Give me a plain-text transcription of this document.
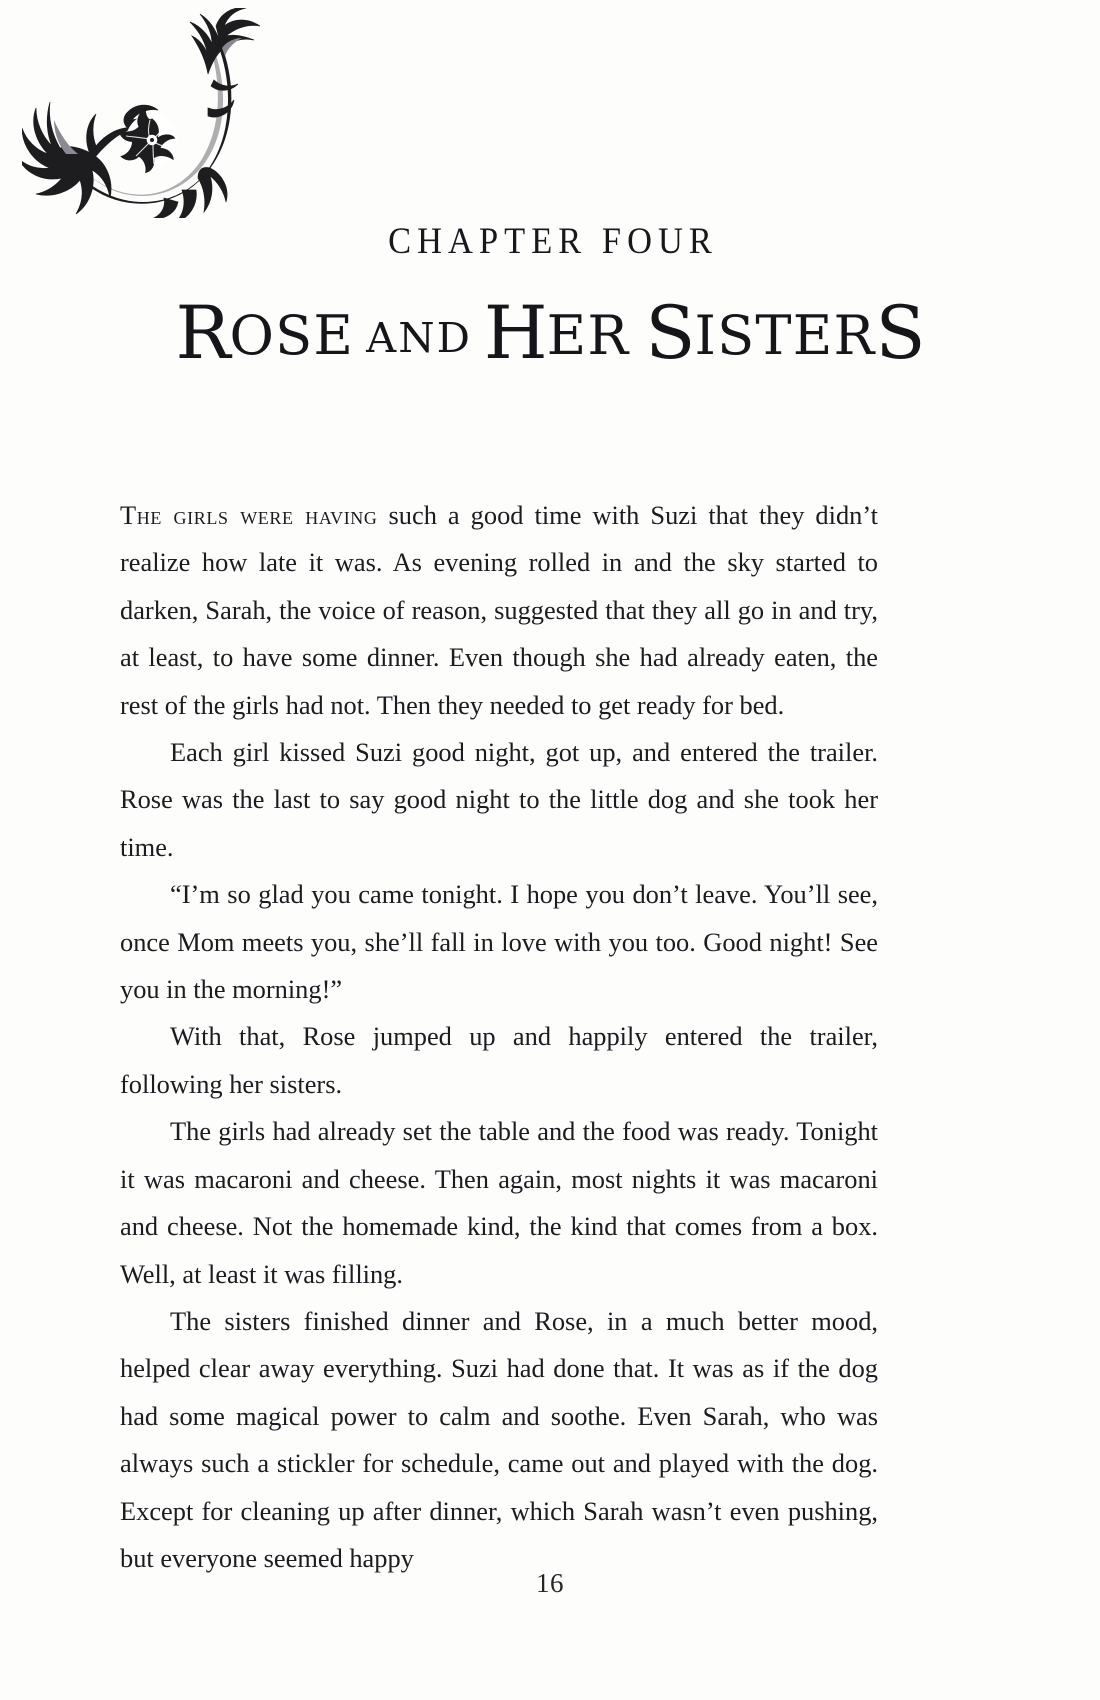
CHAPTER FOUR
ROSE AND HER SISTERS

The girls were having such a good time with Suzi that they didn’t realize how late it was. As evening rolled in and the sky started to darken, Sarah, the voice of reason, suggested that they all go in and try, at least, to have some dinner. Even though she had already eaten, the rest of the girls had not. Then they needed to get ready for bed.

Each girl kissed Suzi good night, got up, and entered the trailer. Rose was the last to say good night to the little dog and she took her time.

“I’m so glad you came tonight. I hope you don’t leave. You’ll see, once Mom meets you, she’ll fall in love with you too. Good night! See you in the morning!”

With that, Rose jumped up and happily entered the trailer, following her sisters.

The girls had already set the table and the food was ready. Tonight it was macaroni and cheese. Then again, most nights it was macaroni and cheese. Not the homemade kind, the kind that comes from a box. Well, at least it was filling.

The sisters finished dinner and Rose, in a much better mood, helped clear away everything. Suzi had done that. It was as if the dog had some magical power to calm and soothe. Even Sarah, who was always such a stickler for schedule, came out and played with the dog. Except for cleaning up after dinner, which Sarah wasn’t even pushing, but everyone seemed happy

16
